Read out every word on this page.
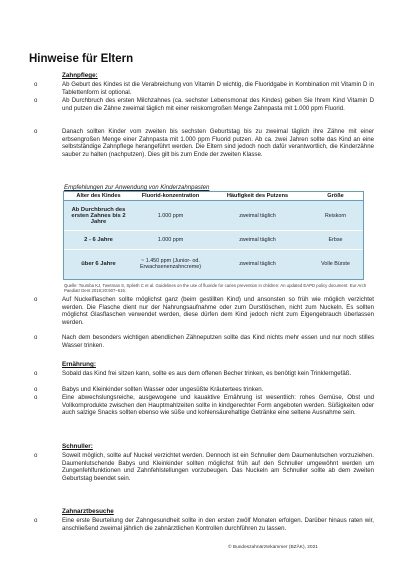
Hinweise für Eltern
Zahnpflege:
o	Ab Geburt des Kindes ist die Verabreichung von Vitamin D wichtig, die Fluoridgabe in Kombination mit Vitamin D in Tablettenform ist optional.
o	Ab Durchbruch des ersten Milchzahnes (ca. sechster Lebensmonat des Kindes) geben Sie Ihrem Kind Vitamin D und putzen die Zähne zweimal täglich mit einer reiskorngroßen Menge Zahnpasta mit 1.000 ppm Fluorid.
o	Danach sollten Kinder vom zweiten bis sechsten Geburtstag bis zu zweimal täglich ihre Zähne mit einer erbsengroßen Menge einer Zahnpasta mit 1.000 ppm Fluorid putzen. Ab ca. zwei Jahren sollte das Kind an eine selbstständige Zahnpflege herangeführt werden. Die Eltern sind jedoch noch dafür verantwortlich, die Kinderzähne sauber zu halten (nachputzen). Dies gilt bis zum Ende der zweiten Klasse.
Empfehlungen zur Anwendung von Kinderzahnpasten
Alter des Kindes	Fluorid-konzentration	Häufigkeit des Putzens	Größe
Ab Durchbruch des ersten Zahnes bis 2 Jahre	1.000 ppm	zweimal täglich	Reiskorn
2 - 6 Jahre	1.000 ppm	zweimal täglich	Erbse
über 6 Jahre	~ 1.450 ppm (Junior- od. Erwachsenenzahncreme)	zweimal täglich	Volle Bürste
Quelle: Toumba KJ, Twetman S, Splieth C et al. Guidelines on the use of fluoride for caries prevention in children: An updated EAPD policy document. Eur Arch Paediatr Dent 2019;20:507–516.
o	Auf Nuckelflaschen sollte möglichst ganz (beim gestillten Kind) und ansonsten so früh wie möglich verzichtet werden. Die Flasche dient nur der Nahrungsaufnahme oder zum Durstlöschen, nicht zum Nuckeln. Es sollten möglichst Glasflaschen verwendet werden, diese dürfen dem Kind jedoch nicht zum Eigengebrauch überlassen werden.
o	Nach dem besonders wichtigen abendlichen Zähneputzen sollte das Kind nichts mehr essen und nur noch stilles Wasser trinken.
Ernährung:
o	Sobald das Kind frei sitzen kann, sollte es aus dem offenen Becher trinken, es benötigt kein Trinklerngefäß.
o	Babys und Kleinkinder sollten Wasser oder ungesüßte Kräutertees trinken.
o	Eine abwechslungsreiche, ausgewogene und kauaktive Ernährung ist wesentlich: rohes Gemüse, Obst und Vollkornprodukte zwischen den Hauptmahlzeiten sollte in kindgerechter Form angeboten werden. Süßigkeiten oder auch salzige Snacks sollten ebenso wie süße und kohlensäurehaltige Getränke eine seltene Ausnahme sein.
Schnuller:
o	Soweit möglich, sollte auf Nuckel verzichtet werden. Dennoch ist ein Schnuller dem Daumenlutschen vorzuziehen. Daumenlutschende Babys und Kleinkinder sollten möglichst früh auf den Schnuller umgewöhnt werden um Zungenfehlfunktionen und Zahnfehlstellungen vorzubeugen. Das Nuckeln am Schnuller sollte ab dem zweiten Geburtstag beendet sein.
Zahnarztbesuche
o	Eine erste Beurteilung der Zahngesundheit sollte in den ersten zwölf Monaten erfolgen. Darüber hinaus raten wir, anschließend zweimal jährlich die zahnärztlichen Kontrollen durchführen zu lassen.
© Bundeszahnärztekammer (BZÄK), 2021
